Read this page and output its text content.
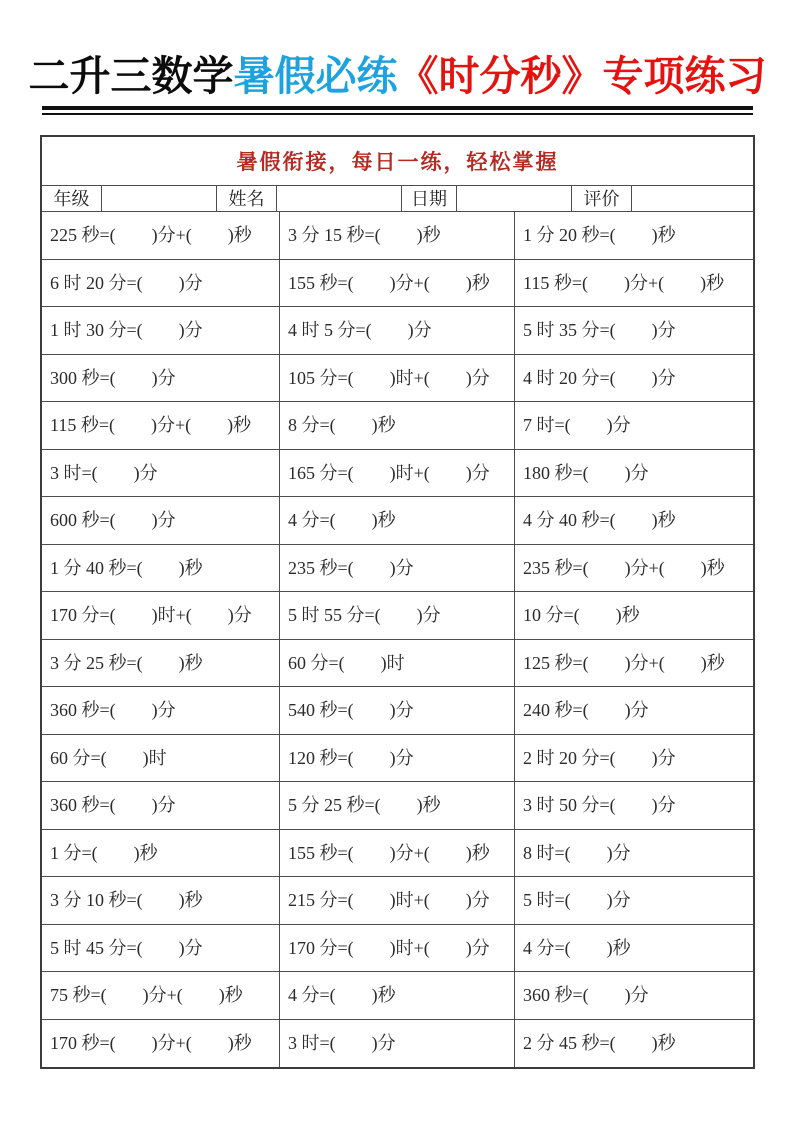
二升三数学 暑假必练 《时分秒》 专项练习
暑假衔接，每日一练，轻松掌握
年级	姓名	日期	评价
225 秒=(　　)分+(　　)秒	3 分 15 秒=(　　)秒	1 分 20 秒=(　　)秒
6 时 20 分=(　　)分	155 秒=(　　)分+(　　)秒	115 秒=(　　)分+(　　)秒
1 时 30 分=(　　)分	4 时 5 分=(　　)分	5 时 35 分=(　　)分
300 秒=(　　)分	105 分=(　　)时+(　　)分	4 时 20 分=(　　)分
115 秒=(　　)分+(　　)秒	8 分=(　　)秒	7 时=(　　)分
3 时=(　　)分	165 分=(　　)时+(　　)分	180 秒=(　　)分
600 秒=(　　)分	4 分=(　　)秒	4 分 40 秒=(　　)秒
1 分 40 秒=(　　)秒	235 秒=(　　)分	235 秒=(　　)分+(　　)秒
170 分=(　　)时+(　　)分	5 时 55 分=(　　)分	10 分=(　　)秒
3 分 25 秒=(　　)秒	60 分=(　　)时	125 秒=(　　)分+(　　)秒
360 秒=(　　)分	540 秒=(　　)分	240 秒=(　　)分
60 分=(　　)时	120 秒=(　　)分	2 时 20 分=(　　)分
360 秒=(　　)分	5 分 25 秒=(　　)秒	3 时 50 分=(　　)分
1 分=(　　)秒	155 秒=(　　)分+(　　)秒	8 时=(　　)分
3 分 10 秒=(　　)秒	215 分=(　　)时+(　　)分	5 时=(　　)分
5 时 45 分=(　　)分	170 分=(　　)时+(　　)分	4 分=(　　)秒
75 秒=(　　)分+(　　)秒	4 分=(　　)秒	360 秒=(　　)分
170 秒=(　　)分+(　　)秒	3 时=(　　)分	2 分 45 秒=(　　)秒
